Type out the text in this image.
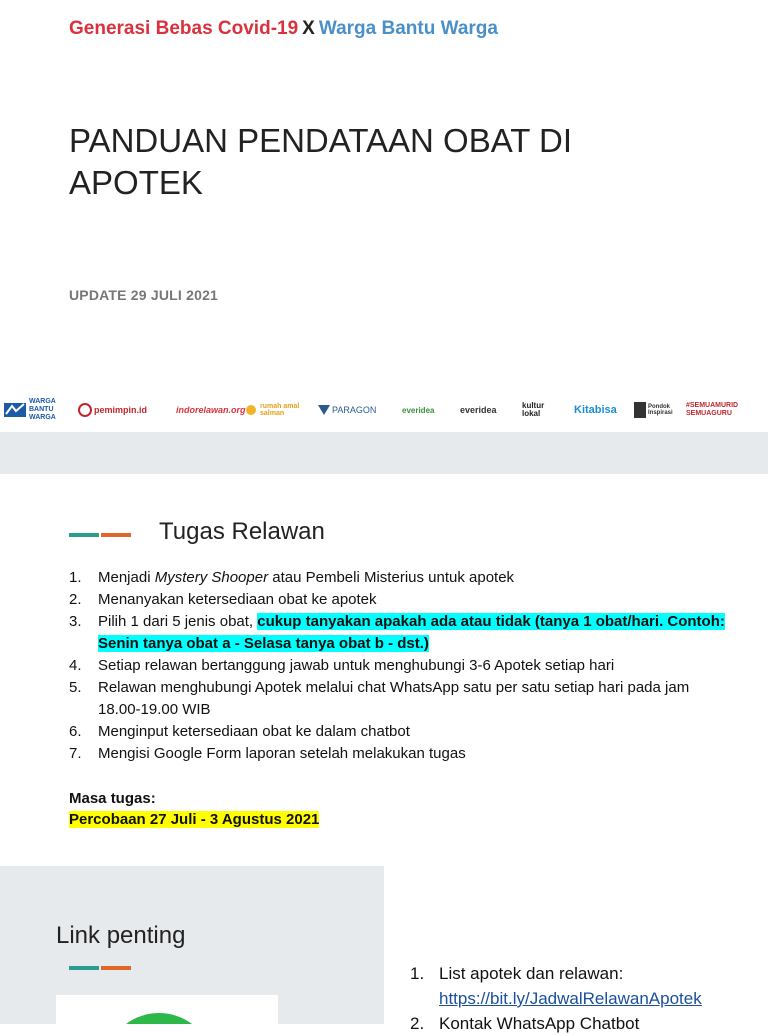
Generasi Bebas Covid-19 X Warga Bantu Warga
PANDUAN PENDATAAN OBAT DI APOTEK
UPDATE 29 JULI 2021
WARGA BANTU WARGA
pemimpin.id	indorelawan.org rumah amal salman	PARAGON	everidea	everidea	kultur lokal	Kitabisa	Pondok Inspirasi
#SEMUAMURID SEMUAGURU
Tugas Relawan
1.	Menjadi Mystery Shooper atau Pembeli Misterius untuk apotek
2.	Menanyakan ketersediaan obat ke apotek
3.	Pilih 1 dari 5 jenis obat, cukup tanyakan apakah ada atau tidak (tanya 1 obat/hari. Contoh: Senin tanya obat a - Selasa tanya obat b - dst.)
4.	Setiap relawan bertanggung jawab untuk menghubungi 3-6 Apotek setiap hari
5.	Relawan menghubungi Apotek melalui chat WhatsApp satu per satu setiap hari pada jam 18.00-19.00 WIB
6.	Menginput ketersediaan obat ke dalam chatbot
7.	Mengisi Google Form laporan setelah melakukan tugas
Masa tugas:
Percobaan 27 Juli - 3 Agustus 2021
Link penting
1. List apotek dan relawan:
https://bit.ly/JadwalRelawanApotek
2. Kontak WhatsApp Chatbot
